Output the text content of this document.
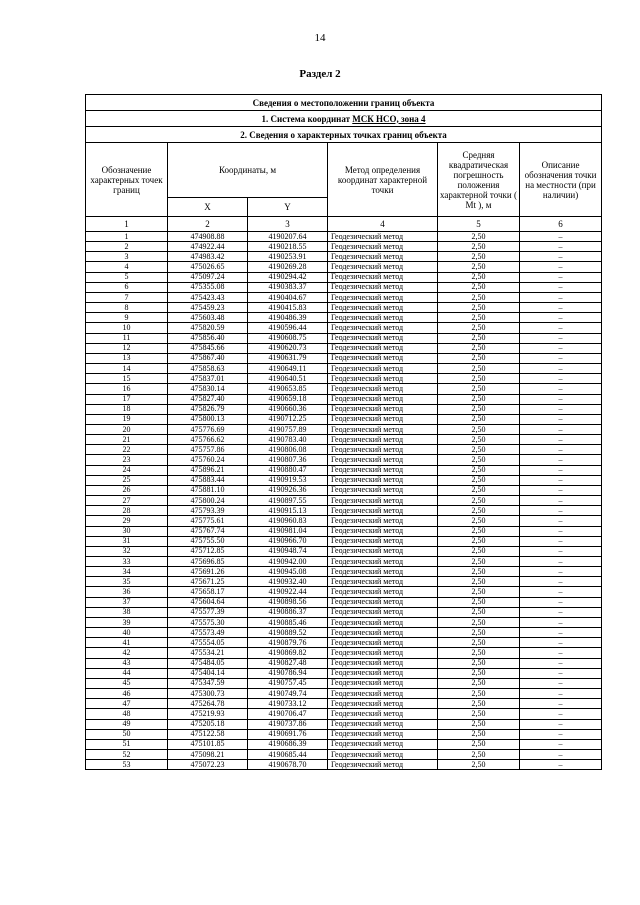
14
Раздел 2
Сведения о местоположении границ объекта					
1. Система координат МСК НСО, зона 4					
2. Сведения о характерных точках границ объекта					
Обозначение характерных точек границ	Координаты, м		Метод определения координат характерной точки	Средняя квадратическая погрешность положения характерной точки ( Mt ), м	Описание обозначения точки на местности (при наличии)
	X	Y			
1	2	3	4	5	6
1	474908.88	4190207.64	Геодезический метод	2,50	–
2	474922.44	4190218.55	Геодезический метод	2,50	–
3	474983.42	4190253.91	Геодезический метод	2,50	–
4	475026.65	4190269.28	Геодезический метод	2,50	–
5	475097.24	4190294.42	Геодезический метод	2,50	–
6	475355.08	4190383.37	Геодезический метод	2,50	–
7	475423.43	4190404.67	Геодезический метод	2,50	–
8	475459.23	4190415.83	Геодезический метод	2,50	–
9	475603.48	4190486.39	Геодезический метод	2,50	–
10	475820.59	4190596.44	Геодезический метод	2,50	–
11	475856.40	4190608.75	Геодезический метод	2,50	–
12	475845.66	4190620.73	Геодезический метод	2,50	–
13	475867.40	4190631.79	Геодезический метод	2,50	–
14	475858.63	4190649.11	Геодезический метод	2,50	–
15	475837.01	4190640.51	Геодезический метод	2,50	–
16	475830.14	4190653.85	Геодезический метод	2,50	–
17	475827.40	4190659.18	Геодезический метод	2,50	–
18	475826.79	4190660.36	Геодезический метод	2,50	–
19	475800.13	4190712.25	Геодезический метод	2,50	–
20	475776.69	4190757.89	Геодезический метод	2,50	–
21	475766.62	4190783.40	Геодезический метод	2,50	–
22	475757.86	4190806.08	Геодезический метод	2,50	–
23	475760.24	4190807.36	Геодезический метод	2,50	–
24	475896.21	4190880.47	Геодезический метод	2,50	–
25	475883.44	4190919.53	Геодезический метод	2,50	–
26	475881.10	4190926.36	Геодезический метод	2,50	–
27	475800.24	4190897.55	Геодезический метод	2,50	–
28	475793.39	4190915.13	Геодезический метод	2,50	–
29	475775.61	4190960.83	Геодезический метод	2,50	–
30	475767.74	4190981.04	Геодезический метод	2,50	–
31	475755.50	4190966.70	Геодезический метод	2,50	–
32	475712.85	4190948.74	Геодезический метод	2,50	–
33	475696.85	4190942.00	Геодезический метод	2,50	–
34	475691.26	4190945.08	Геодезический метод	2,50	–
35	475671.25	4190932.40	Геодезический метод	2,50	–
36	475658.17	4190922.44	Геодезический метод	2,50	–
37	475604.64	4190898.56	Геодезический метод	2,50	–
38	475577.39	4190886.37	Геодезический метод	2,50	–
39	475575.30	4190885.46	Геодезический метод	2,50	–
40	475573.49	4190889.52	Геодезический метод	2,50	–
41	475554.05	4190879.76	Геодезический метод	2,50	–
42	475534.21	4190869.82	Геодезический метод	2,50	–
43	475484.05	4190827.48	Геодезический метод	2,50	–
44	475404.14	4190786.94	Геодезический метод	2,50	–
45	475347.59	4190757.45	Геодезический метод	2,50	–
46	475300.73	4190749.74	Геодезический метод	2,50	–
47	475264.78	4190733.12	Геодезический метод	2,50	–
48	475219.93	4190706.47	Геодезический метод	2,50	–
49	475205.18	4190737.86	Геодезический метод	2,50	–
50	475122.58	4190691.76	Геодезический метод	2,50	–
51	475101.85	4190686.39	Геодезический метод	2,50	–
52	475098.21	4190685.44	Геодезический метод	2,50	–
53	475072.23	4190678.70	Геодезический метод	2,50	–
